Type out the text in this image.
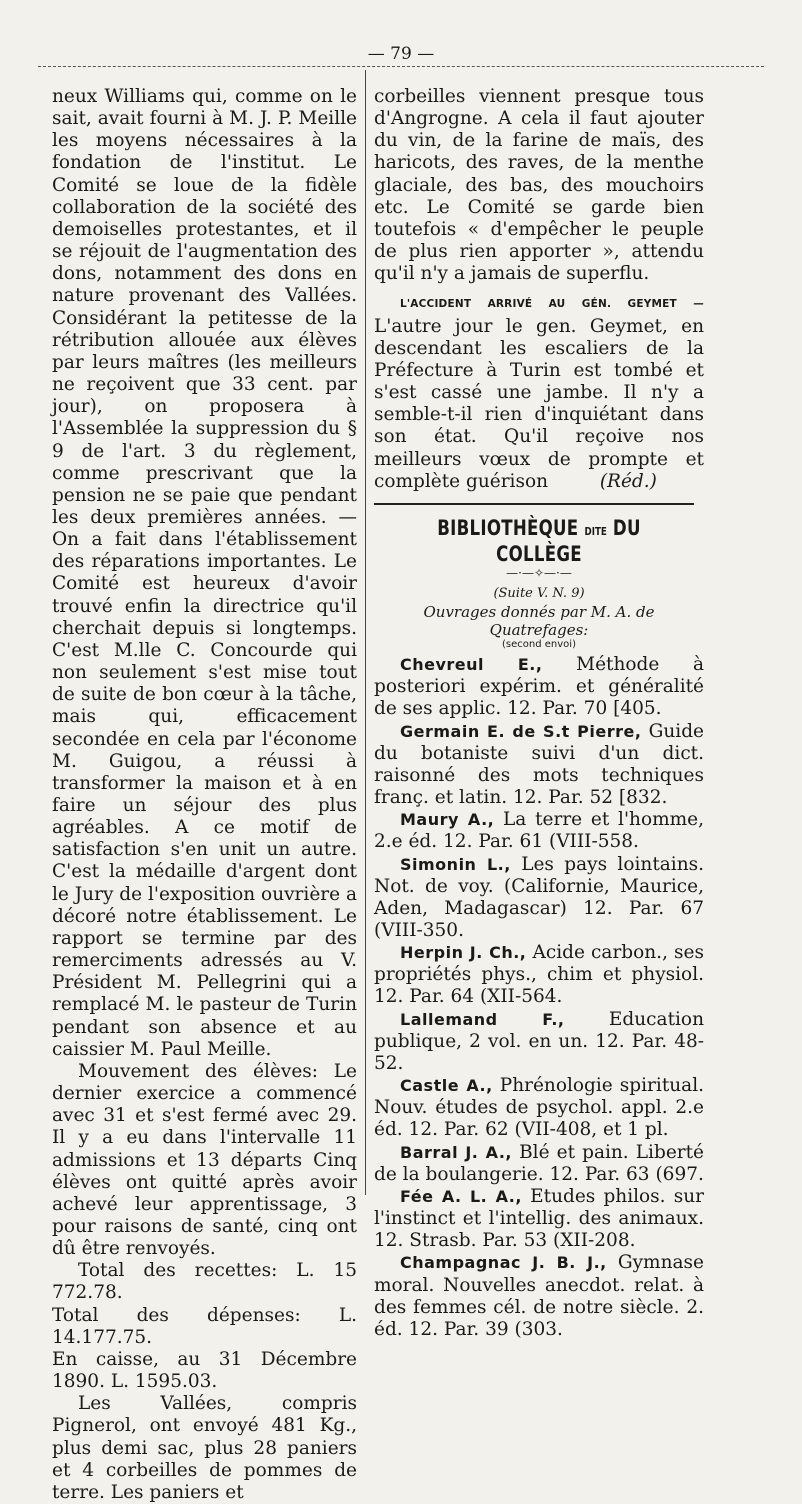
— 79 —

neux Williams qui, comme on le sait, avait fourni à M. J. P. Meille les moyens nécessaires à la fondation de l'institut. Le Comité se loue de la fidèle collaboration de la société des demoiselles protestantes, et il se réjouit de l'augmentation des dons, notamment des dons en nature provenant des Vallées. Considérant la petitesse de la rétribution allouée aux élèves par leurs maîtres (les meilleurs ne reçoivent que 33 cent. par jour), on proposera à l'Assemblée la suppression du § 9 de l'art. 3 du règlement, comme prescrivant que la pension ne se paie que pendant les deux premières années. — On a fait dans l'établissement des réparations importantes. Le Comité est heureux d'avoir trouvé enfin la directrice qu'il cherchait depuis si longtemps. C'est M.lle C. Concourde qui non seulement s'est mise tout de suite de bon cœur à la tâche, mais qui, efficacement secondée en cela par l'économe M. Guigou, a réussi à transformer la maison et à en faire un séjour des plus agréables. A ce motif de satisfaction s'en unit un autre. C'est la médaille d'argent dont le Jury de l'exposition ouvrière a décoré notre établissement. Le rapport se termine par des remerciments adressés au V. Président M. Pellegrini qui a remplacé M. le pasteur de Turin pendant son absence et au caissier M. Paul Meille.

Mouvement des élèves: Le dernier exercice a commencé avec 31 et s'est fermé avec 29. Il y a eu dans l'intervalle 11 admissions et 13 départs Cinq élèves ont quitté après avoir achevé leur apprentissage, 3 pour raisons de santé, cinq ont dû être renvoyés.

Total des recettes: L. 15 772.78.

Total des dépenses: L. 14.177.75.

En caisse, au 31 Décembre 1890. L. 1595.03.

Les Vallées, compris Pignerol, ont envoyé 481 Kg., plus demi sac, plus 28 paniers et 4 corbeilles de pommes de terre. Les paniers et

corbeilles viennent presque tous d'Angrogne. A cela il faut ajouter du vin, de la farine de maïs, des haricots, des raves, de la menthe glaciale, des bas, des mouchoirs etc. Le Comité se garde bien toutefois « d'empêcher le peuple de plus rien apporter », attendu qu'il n'y a jamais de superflu.

L'ACCIDENT ARRIVÉ AU GÉN. GEYMET — L'autre jour le gen. Geymet, en descendant les escaliers de la Préfecture à Turin est tombé et s'est cassé une jambe. Il n'y a semble-t-il rien d'inquiétant dans son état. Qu'il reçoive nos meilleurs vœux de prompte et complète guérison	(Réd.)

BIBLIOTHÈQUE DITE DU COLLÈGE
—·—✧—·—
(Suite V. N. 9)
Ouvrages donnés par M. A. de Quatrefages:
(second envoi)

Chevreul E., Méthode à posteriori expérim. et généralité de ses applic. 12. Par. 70 [405.

Germain E. de S.t Pierre, Guide du botaniste suivi d'un dict. raisonné des mots techniques franç. et latin. 12. Par. 52 [832.

Maury A., La terre et l'homme, 2.e éd. 12. Par. 61 (VIII-558.

Simonin L., Les pays lointains. Not. de voy. (Californie, Maurice, Aden, Madagascar) 12. Par. 67 (VIII-350.

Herpin J. Ch., Acide carbon., ses propriétés phys., chim et physiol. 12. Par. 64 (XII-564.

Lallemand F., Education publique, 2 vol. en un. 12. Par. 48-52.

Castle A., Phrénologie spiritual. Nouv. études de psychol. appl. 2.e éd. 12. Par. 62 (VII-408, et 1 pl.

Barral J. A., Blé et pain. Liberté de la boulangerie. 12. Par. 63 (697.

Fée A. L. A., Etudes philos. sur l'instinct et l'intellig. des animaux. 12. Strasb. Par. 53 (XII-208.

Champagnac J. B. J., Gymnase moral. Nouvelles anecdot. relat. à des femmes cél. de notre siècle. 2. éd. 12. Par. 39 (303.
